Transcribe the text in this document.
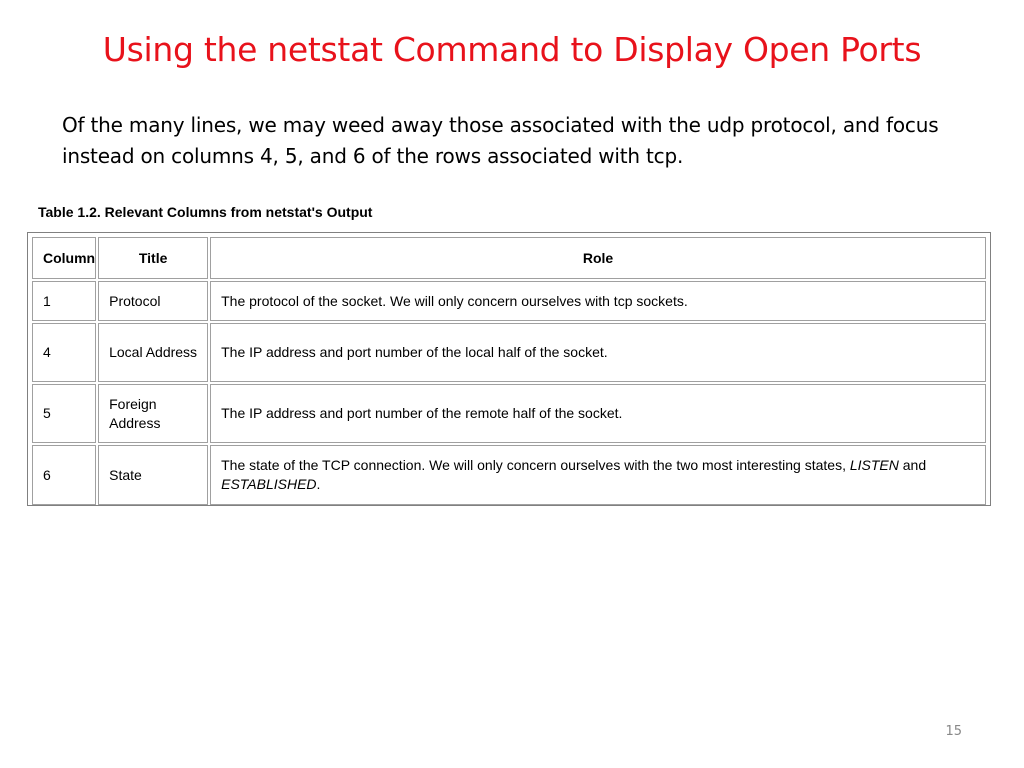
Using the netstat Command to Display Open Ports

Of the many lines, we may weed away those associated with the udp protocol, and focus instead on columns 4, 5, and 6 of the rows associated with tcp.

Table 1.2. Relevant Columns from netstat's Output

Column	Title	Role
1	Protocol	The protocol of the socket. We will only concern ourselves with tcp sockets.
4	Local Address	The IP address and port number of the local half of the socket.
5	Foreign Address	The IP address and port number of the remote half of the socket.
6	State	The state of the TCP connection. We will only concern ourselves with the two most interesting states, LISTEN and ESTABLISHED.

15
